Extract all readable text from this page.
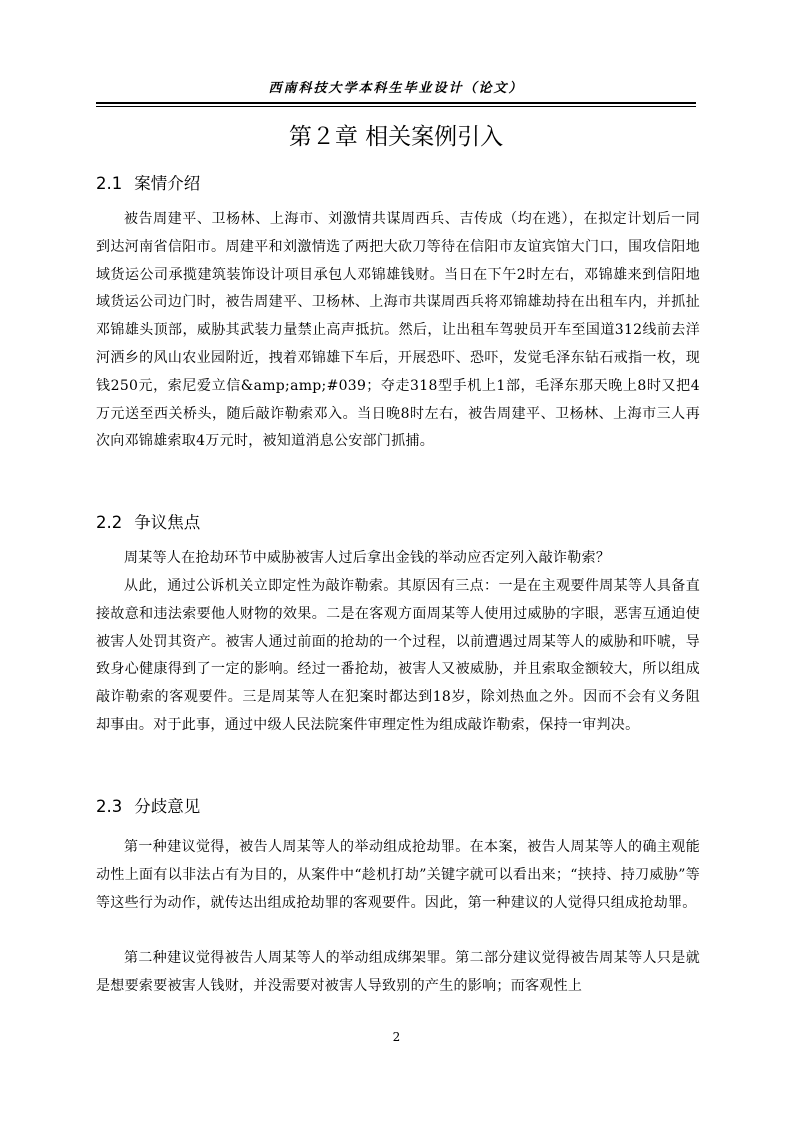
西南科技大学本科生毕业设计（论文）
第２章 相关案例引入
2.1 案情介绍

被告周建平、卫杨林、上海市、刘激情共谋周西兵、吉传成（均在逃），在拟定计划后一同到达河南省信阳市。周建平和刘激情选了两把大砍刀等待在信阳市友谊宾馆大门口，围攻信阳地域货运公司承揽建筑装饰设计项目承包人邓锦雄钱财。当日在下午2时左右，邓锦雄来到信阳地域货运公司边门时，被告周建平、卫杨林、上海市共谋周西兵将邓锦雄劫持在出租车内，并抓扯邓锦雄头顶部，威胁其武装力量禁止高声抵抗。然后，让出租车驾驶员开车至国道312线前去洋河洒乡的风山农业园附近，拽着邓锦雄下车后，开展恐吓、恐吓，发觉毛泽东钻石戒指一枚，现钱250元，索尼爱立信&amp;amp;#039；夺走318型手机上1部，毛泽东那天晚上8时又把4万元送至西关桥头，随后敲诈勒索邓入。当日晚8时左右，被告周建平、卫杨林、上海市三人再次向邓锦雄索取4万元时，被知道消息公安部门抓捕。

2.2 争议焦点

周某等人在抢劫环节中威胁被害人过后拿出金钱的举动应否定列入敲诈勒索？

从此，通过公诉机关立即定性为敲诈勒索。其原因有三点：一是在主观要件周某等人具备直接故意和违法索要他人财物的效果。二是在客观方面周某等人使用过威胁的字眼，恶害互通迫使被害人处罚其资产。被害人通过前面的抢劫的一个过程，以前遭遇过周某等人的威胁和吓唬，导致身心健康得到了一定的影响。经过一番抢劫，被害人又被威胁，并且索取金额较大，所以组成敲诈勒索的客观要件。三是周某等人在犯案时都达到18岁，除刘热血之外。因而不会有义务阻却事由。对于此事，通过中级人民法院案件审理定性为组成敲诈勒索，保持一审判决。

2.3 分歧意见

第一种建议觉得，被告人周某等人的举动组成抢劫罪。在本案，被告人周某等人的确主观能动性上面有以非法占有为目的，从案件中“趁机打劫”关键字就可以看出来；“挟持、持刀威胁”等等这些行为动作，就传达出组成抢劫罪的客观要件。因此，第一种建议的人觉得只组成抢劫罪。

第二种建议觉得被告人周某等人的举动组成绑架罪。第二部分建议觉得被告周某等人只是就是想要索要被害人钱财，并没需要对被害人导致别的产生的影响；而客观性上

2
